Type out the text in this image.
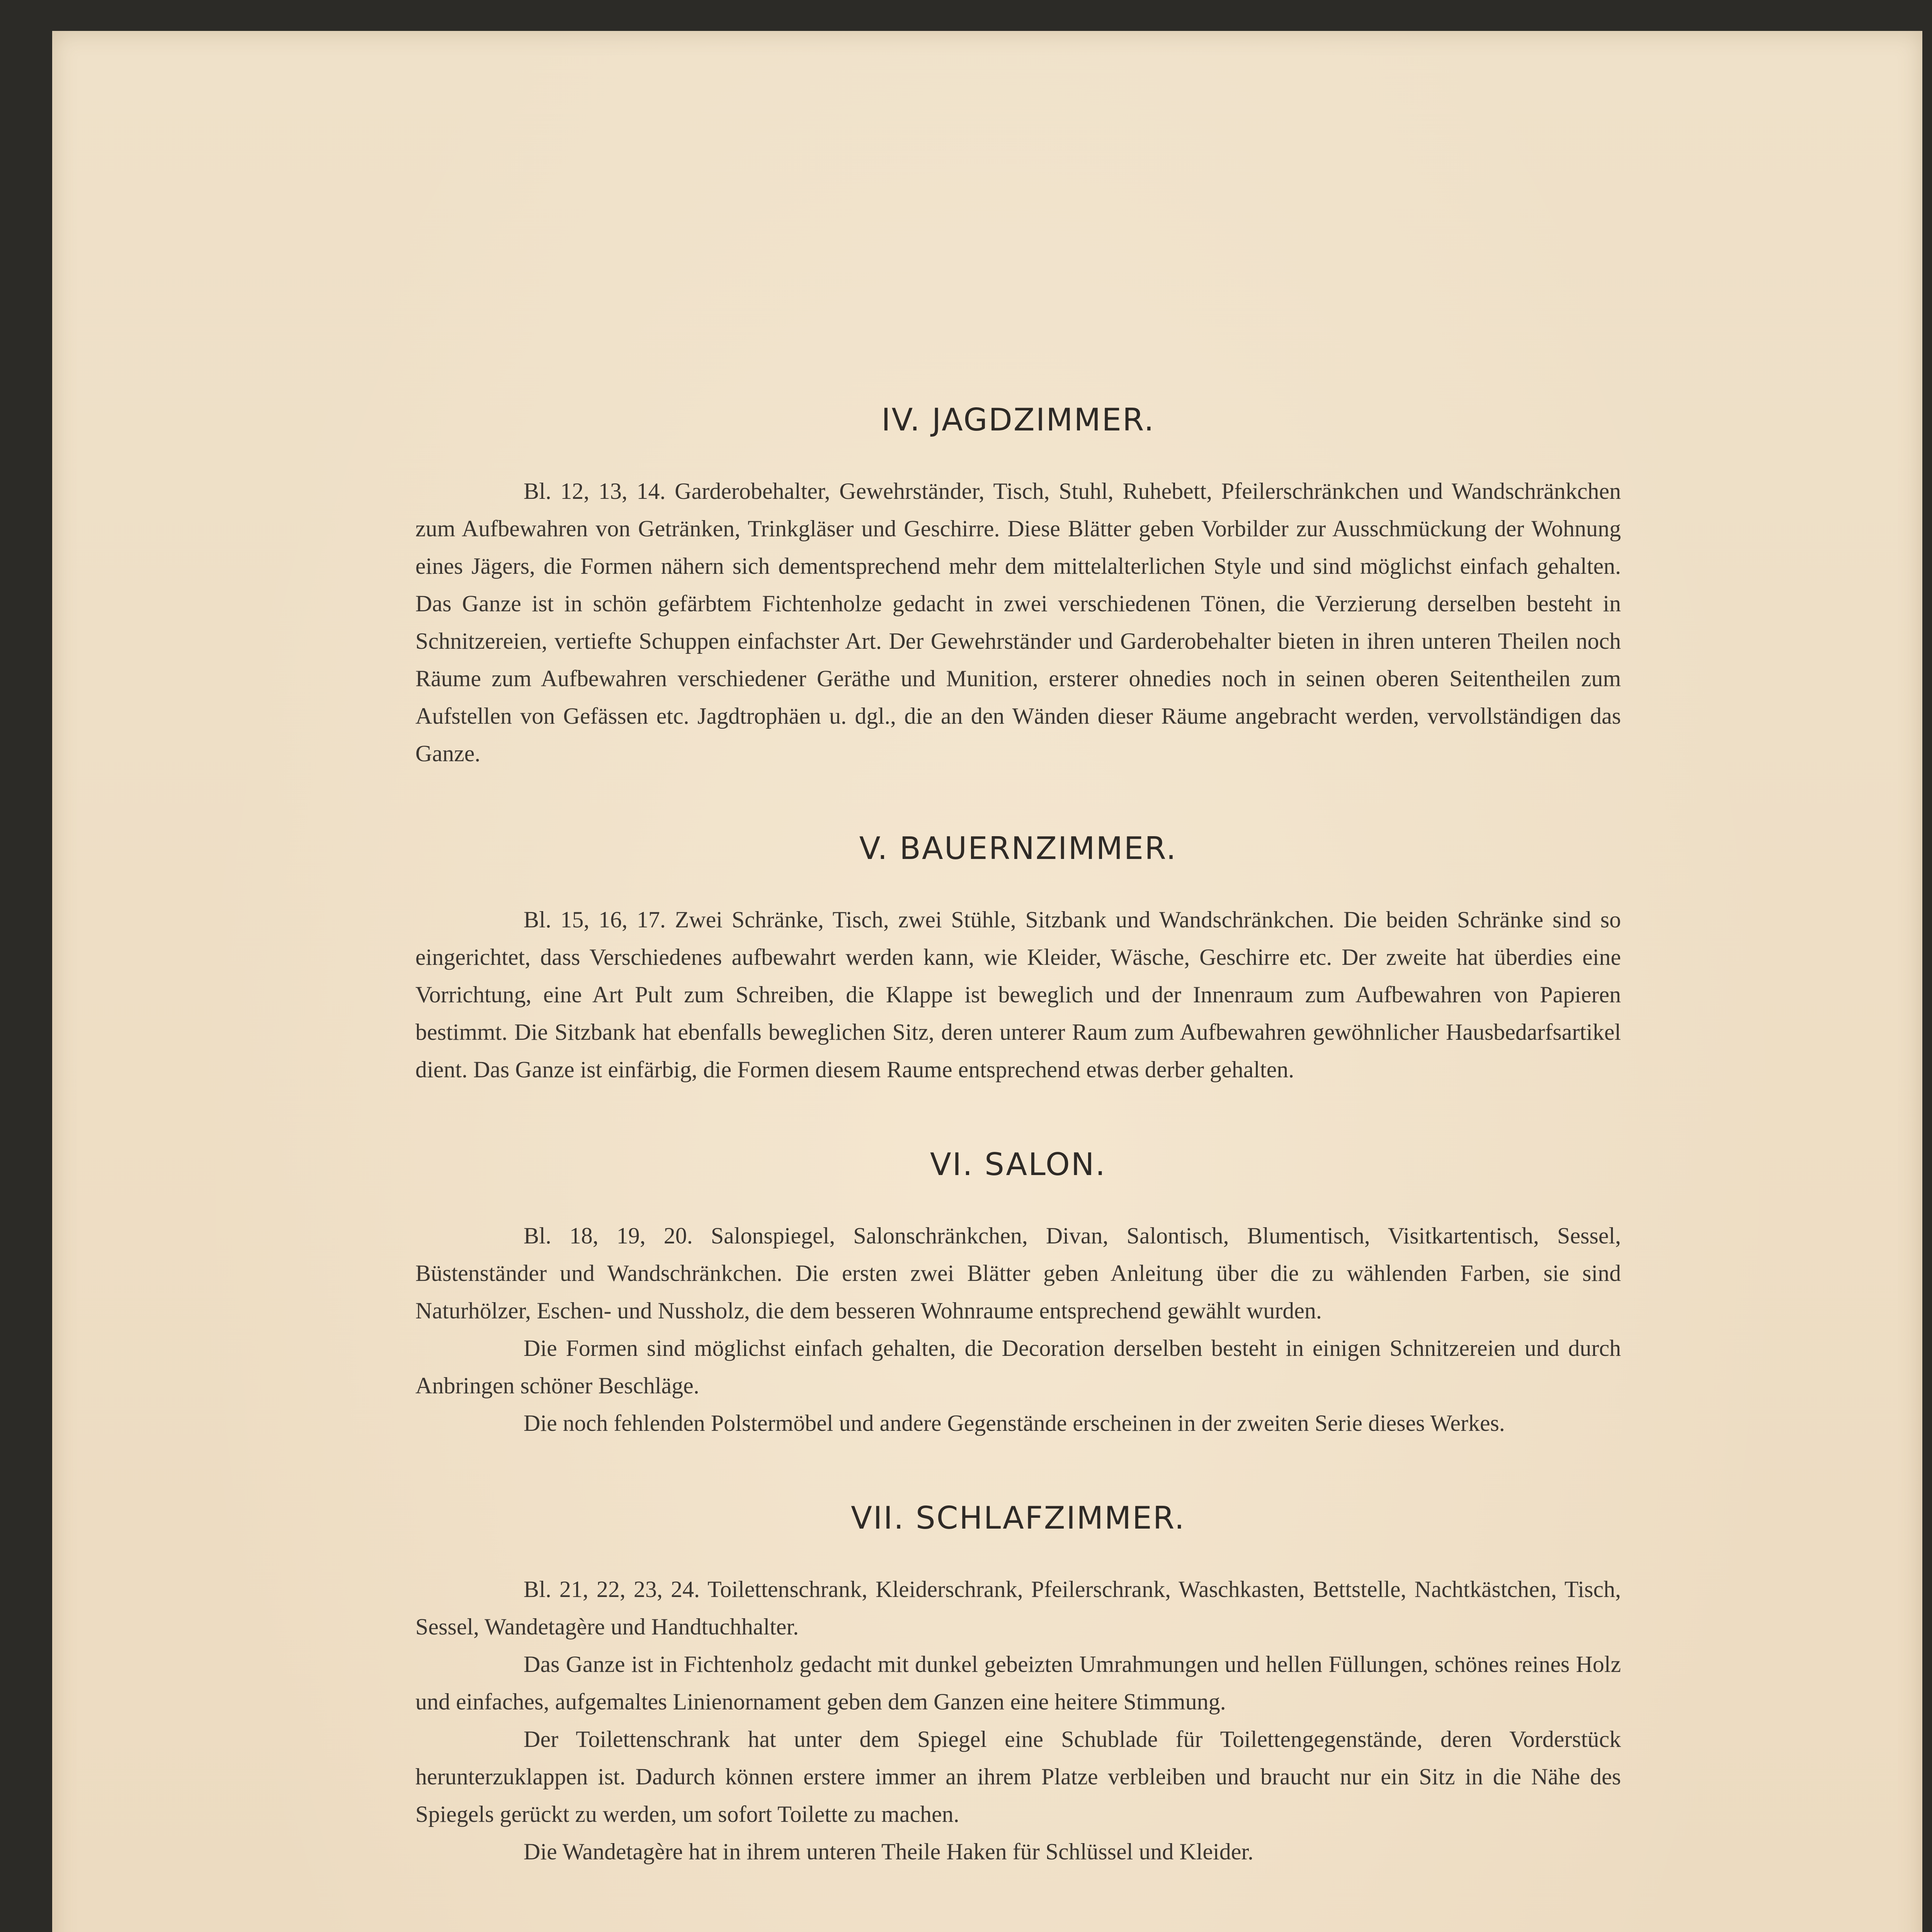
IV. JAGDZIMMER.

Bl. 12, 13, 14. Garderobehalter, Gewehrständer, Tisch, Stuhl, Ruhebett, Pfeilerschränkchen und Wandschränkchen zum Aufbewahren von Getränken, Trinkgläser und Geschirre. Diese Blätter geben Vorbilder zur Ausschmückung der Wohnung eines Jägers, die Formen nähern sich dementsprechend mehr dem mittelalterlichen Style und sind möglichst einfach gehalten. Das Ganze ist in schön gefärbtem Fichtenholze gedacht in zwei verschiedenen Tönen, die Verzierung derselben besteht in Schnitzereien, vertiefte Schuppen einfachster Art. Der Gewehrständer und Garderobehalter bieten in ihren unteren Theilen noch Räume zum Aufbewahren verschiedener Geräthe und Munition, ersterer ohnedies noch in seinen oberen Seitentheilen zum Aufstellen von Gefässen etc. Jagdtrophäen u. dgl., die an den Wänden dieser Räume angebracht werden, vervollständigen das Ganze.

V. BAUERNZIMMER.

Bl. 15, 16, 17. Zwei Schränke, Tisch, zwei Stühle, Sitzbank und Wandschränkchen. Die beiden Schränke sind so eingerichtet, dass Verschiedenes aufbewahrt werden kann, wie Kleider, Wäsche, Geschirre etc. Der zweite hat überdies eine Vorrichtung, eine Art Pult zum Schreiben, die Klappe ist beweglich und der Innenraum zum Aufbewahren von Papieren bestimmt. Die Sitzbank hat ebenfalls beweglichen Sitz, deren unterer Raum zum Aufbewahren gewöhnlicher Hausbedarfsartikel dient. Das Ganze ist einfärbig, die Formen diesem Raume entsprechend etwas derber gehalten.

VI. SALON.

Bl. 18, 19, 20. Salonspiegel, Salonschränkchen, Divan, Salontisch, Blumentisch, Visitkartentisch, Sessel, Büstenständer und Wandschränkchen. Die ersten zwei Blätter geben Anleitung über die zu wählenden Farben, sie sind Naturhölzer, Eschen- und Nussholz, die dem besseren Wohnraume entsprechend gewählt wurden.

Die Formen sind möglichst einfach gehalten, die Decoration derselben besteht in einigen Schnitzereien und durch Anbringen schöner Beschläge.

Die noch fehlenden Polstermöbel und andere Gegenstände erscheinen in der zweiten Serie dieses Werkes.

VII. SCHLAFZIMMER.

Bl. 21, 22, 23, 24. Toilettenschrank, Kleiderschrank, Pfeilerschrank, Waschkasten, Bettstelle, Nachtkästchen, Tisch, Sessel, Wandetagère und Handtuchhalter.

Das Ganze ist in Fichtenholz gedacht mit dunkel gebeizten Umrahmungen und hellen Füllungen, schönes reines Holz und einfaches, aufgemaltes Linienornament geben dem Ganzen eine heitere Stimmung.

Der Toilettenschrank hat unter dem Spiegel eine Schublade für Toilettengegenstände, deren Vorderstück herunterzuklappen ist. Dadurch können erstere immer an ihrem Platze verbleiben und braucht nur ein Sitz in die Nähe des Spiegels gerückt zu werden, um sofort Toilette zu machen.

Die Wandetagère hat in ihrem unteren Theile Haken für Schlüssel und Kleider.
